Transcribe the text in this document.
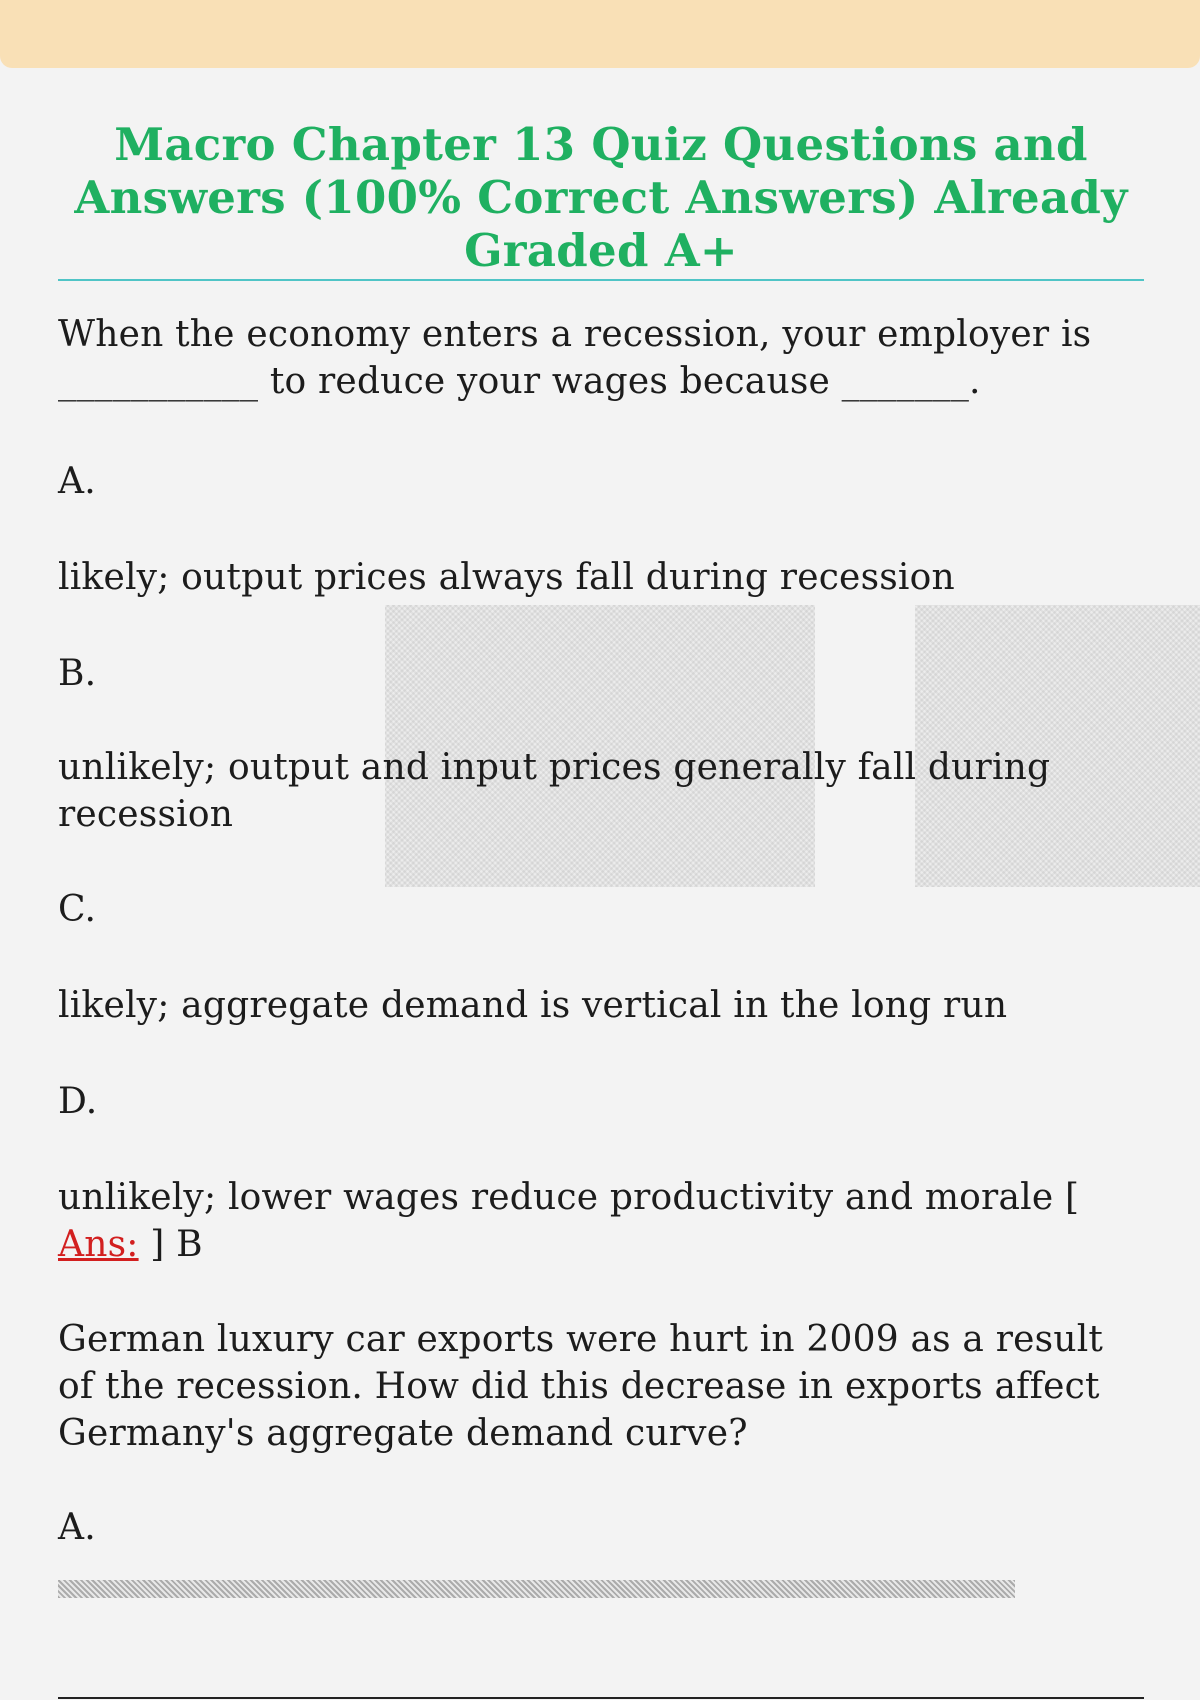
Macro Chapter 13 Quiz Questions and Answers (100% Correct Answers) Already Graded A+

When the economy enters a recession, your employer is ___________ to reduce your wages because _______.

A.
likely; output prices always fall during recession
B.
unlikely; output and input prices generally fall during recession
C.
likely; aggregate demand is vertical in the long run
D.
unlikely; lower wages reduce productivity and morale [ Ans: ] B

German luxury car exports were hurt in 2009 as a result of the recession. How did this decrease in exports affect Germany's aggregate demand curve?

A.
